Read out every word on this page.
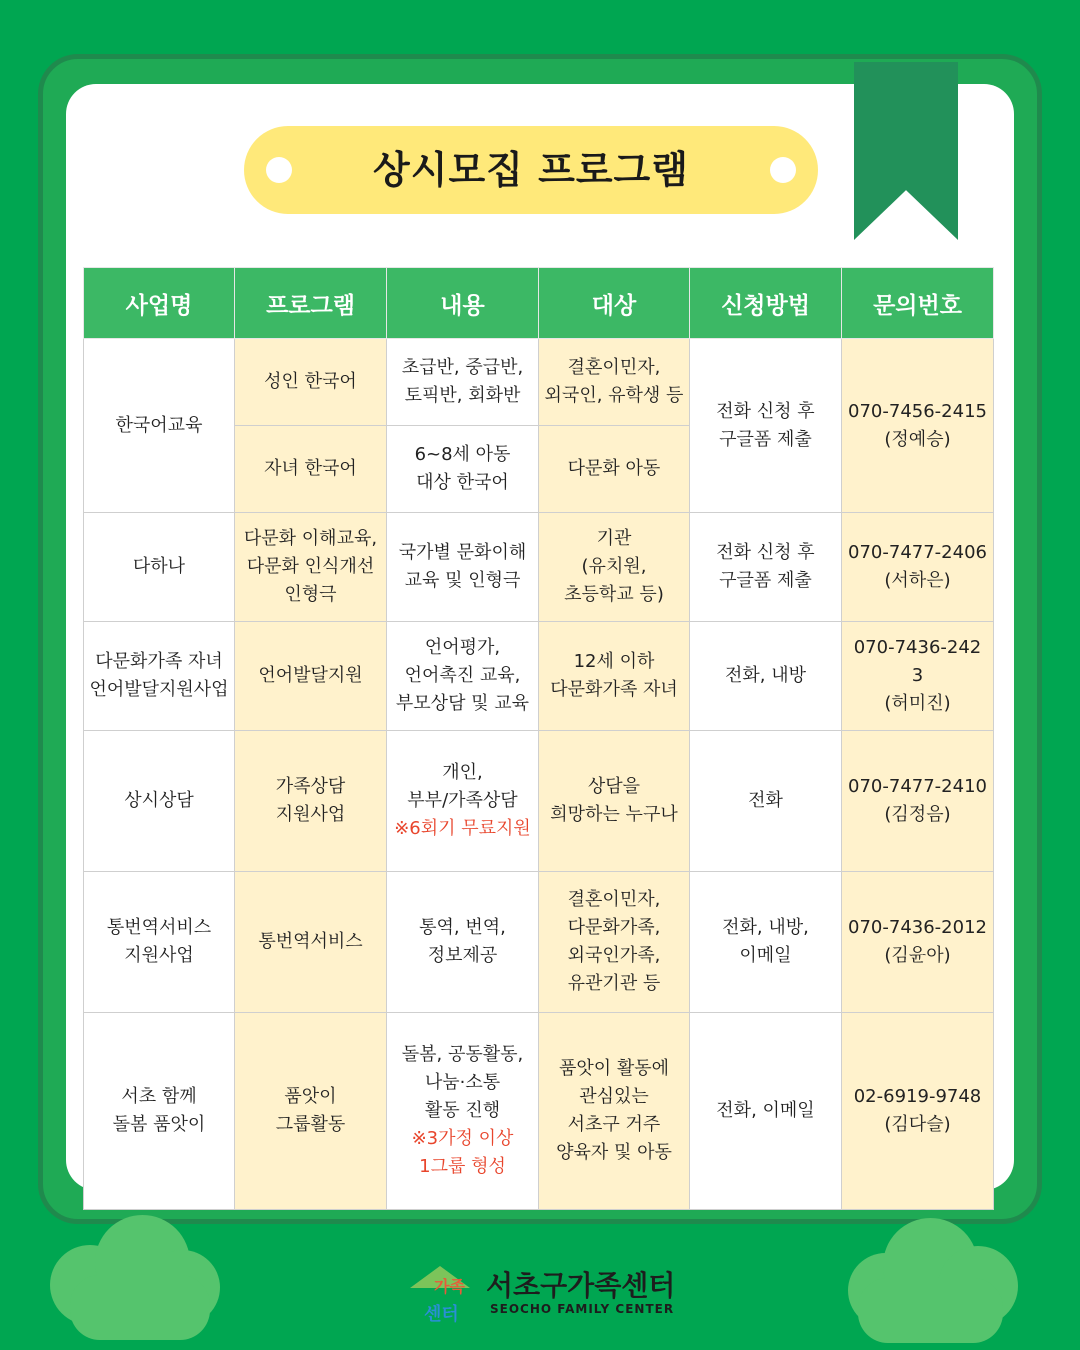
상시모집 프로그램
사업명	프로그램	내용	대상	신청방법	문의번호
한국어교육	성인 한국어	초급반, 중급반,
토픽반, 회화반	결혼이민자,
외국인, 유학생 등	전화 신청 후
구글폼 제출	070-7456-2415
(정예승)
	자녀 한국어	6~8세 아동
대상 한국어	다문화 아동		
다하나	다문화 이해교육,
다문화 인식개선
인형극	국가별 문화이해
교육 및 인형극	기관
(유치원,
초등학교 등)	전화 신청 후
구글폼 제출	070-7477-2406
(서하은)
다문화가족 자녀
언어발달지원사업	언어발달지원	언어평가,
언어촉진 교육,
부모상담 및 교육	12세 이하
다문화가족 자녀	전화, 내방	070-7436-242
3
(허미진)
상시상담	가족상담
지원사업	개인,
부부/가족상담

※6회기 무료지원	상담을
희망하는 누구나	전화	070-7477-2410
(김정음)
통번역서비스
지원사업	통번역서비스	통역, 번역,
정보제공	결혼이민자,
다문화가족,
외국인가족,
유관기관 등	전화, 내방,
이메일	070-7436-2012
(김윤아)
서초 함께
돌봄 품앗이	품앗이
그룹활동	돌봄, 공동활동,
나눔·소통
활동 진행

※3가정 이상
1그룹 형성	품앗이 활동에
관심있는
서초구 거주
양육자 및 아동	전화, 이메일	02-6919-9748
(김다슬)
가족
센터
서초구가족센터
SEOCHO FAMILY CENTER
